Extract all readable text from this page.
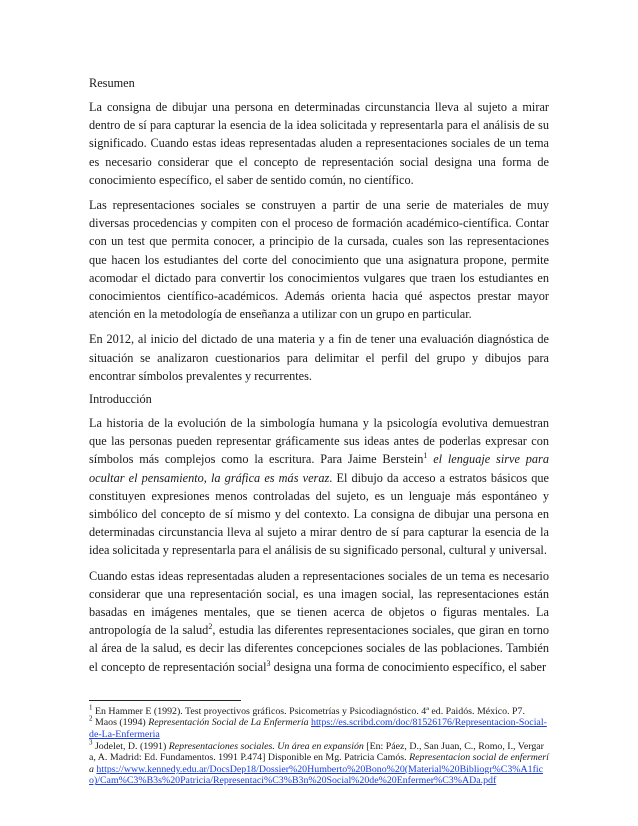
Resumen

La consigna de dibujar una persona en determinadas circunstancia lleva al sujeto a mirar dentro de sí para capturar la esencia de la idea solicitada y representarla para el análisis de su significado. Cuando estas ideas representadas aluden a representaciones sociales de un tema es necesario considerar que el concepto de representación social designa una forma de conocimiento específico, el saber de sentido común, no científico.

Las representaciones sociales se construyen a partir de una serie de materiales de muy diversas procedencias y compiten con el proceso de formación académico-científica. Contar con un test que permita conocer, a principio de la cursada, cuales son las representaciones que hacen los estudiantes del corte del conocimiento que una asignatura propone, permite acomodar el dictado para convertir los conocimientos vulgares que traen los estudiantes en conocimientos científico-académicos. Además orienta hacia qué aspectos prestar mayor atención en la metodología de enseñanza a utilizar con un grupo en particular.

En 2012, al inicio del dictado de una materia y a fin de tener una evaluación diagnóstica de situación se analizaron cuestionarios para delimitar el perfil del grupo y dibujos para encontrar símbolos prevalentes y recurrentes.

Introducción

La historia de la evolución de la simbología humana y la psicología evolutiva demuestran que las personas pueden representar gráficamente sus ideas antes de poderlas expresar con símbolos más complejos como la escritura. Para Jaime Berstein$^1$ el lenguaje sirve para ocultar el pensamiento, la gráfica es más veraz. El dibujo da acceso a estratos básicos que constituyen expresiones menos controladas del sujeto, es un lenguaje más espontáneo y simbólico del concepto de sí mismo y del contexto. La consigna de dibujar una persona en determinadas circunstancia lleva al sujeto a mirar dentro de sí para capturar la esencia de la idea solicitada y representarla para el análisis de su significado personal, cultural y universal.

Cuando estas ideas representadas aluden a representaciones sociales de un tema es necesario considerar que una representación social, es una imagen social, las representaciones están basadas en imágenes mentales, que se tienen acerca de objetos o figuras mentales. La antropología de la salud$^2$, estudia las diferentes representaciones sociales, que giran en torno al área de la salud, es decir las diferentes concepciones sociales de las poblaciones. También el concepto de representación social$^3$ designa una forma de conocimiento específico, el saber

$^1$ En Hammer E (1992). Test proyectivos gráficos. Psicometrías y Psicodiagnóstico. 4ª ed. Paidós. México. P7.
$^2$ Maos (1994) Representación Social de La Enfermería https://es.scribd.com/doc/81526176/Representacion-Social-de-La-Enfermeria
$^3$ Jodelet, D. (1991) Representaciones sociales. Un área en expansión [En: Páez, D., San Juan, C., Romo, I., Vergara, A. Madrid: Ed. Fundamentos. 1991 P.474] Disponible en Mg. Patricia Camós. Representacion social de enfermería https://www.kennedy.edu.ar/DocsDep18/Dossier%20Humberto%20Bono%20(Material%20Bibliogr%C3%A1fico)/Cam%C3%B3s%20Patricia/Representaci%C3%B3n%20Social%20de%20Enfermer%C3%ADa.pdf
